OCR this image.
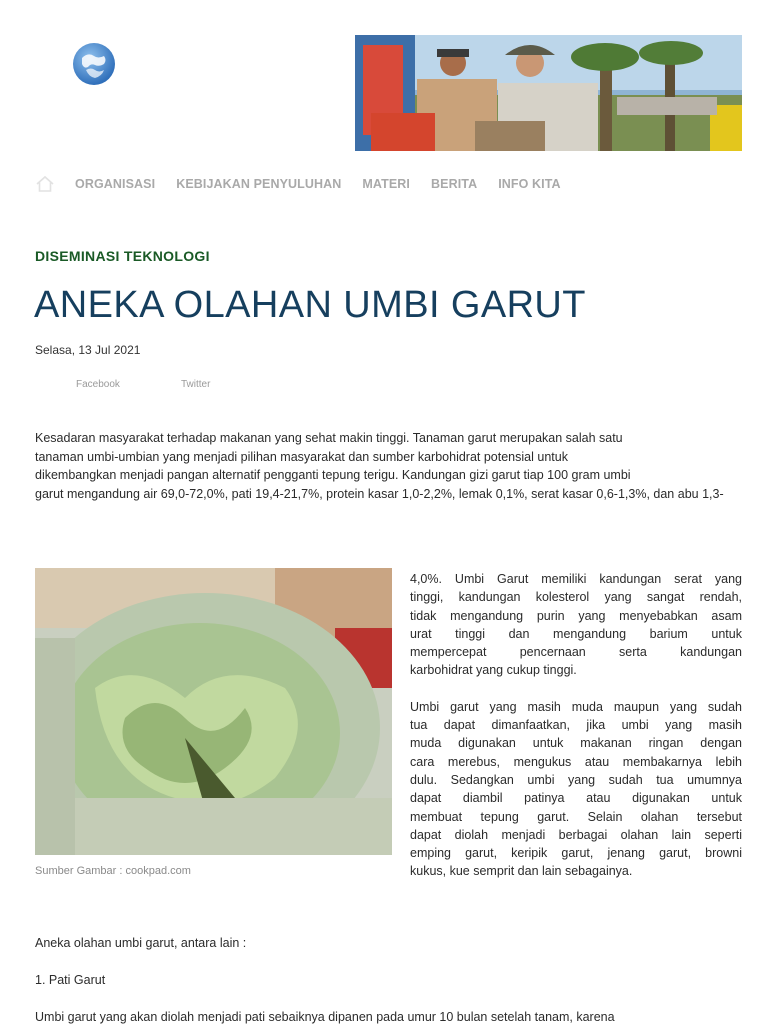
ORGANISASI KEBIJAKAN PENYULUHAN MATERI BERITA INFO KITA
DISEMINASI TEKNOLOGI
ANEKA OLAHAN UMBI GARUT
Selasa, 13 Jul 2021
Facebook	Twitter
Kesadaran masyarakat terhadap makanan yang sehat makin tinggi. Tanaman garut merupakan salah satu
tanaman umbi-umbian yang menjadi pilihan masyarakat dan sumber karbohidrat potensial untuk
dikembangkan menjadi pangan alternatif pengganti tepung terigu. Kandungan gizi garut tiap 100 gram umbi
garut mengandung air 69,0-72,0%, pati 19,4-21,7%, protein kasar 1,0-2,2%, lemak 0,1%, serat kasar 0,6-1,3%, dan abu 1,3-
Sumber Gambar : cookpad.com
4,0%. Umbi Garut memiliki kandungan serat yang
tinggi, kandungan kolesterol yang sangat rendah,
tidak mengandung purin yang menyebabkan asam
urat tinggi dan mengandung barium untuk
mempercepat pencernaan serta kandungan
karbohidrat yang cukup tinggi.
Umbi garut yang masih muda maupun yang sudah
tua dapat dimanfaatkan, jika umbi yang masih
muda digunakan untuk makanan ringan dengan
cara merebus, mengukus atau membakarnya lebih
dulu. Sedangkan umbi yang sudah tua umumnya
dapat diambil patinya atau digunakan untuk
membuat tepung garut. Selain olahan tersebut
dapat diolah menjadi berbagai olahan lain seperti
emping garut, keripik garut, jenang garut, browni
kukus, kue semprit dan lain sebagainya.
Aneka olahan umbi garut, antara lain :
1. Pati Garut
Umbi garut yang akan diolah menjadi pati sebaiknya dipanen pada umur 10 bulan setelah tanam, karena
